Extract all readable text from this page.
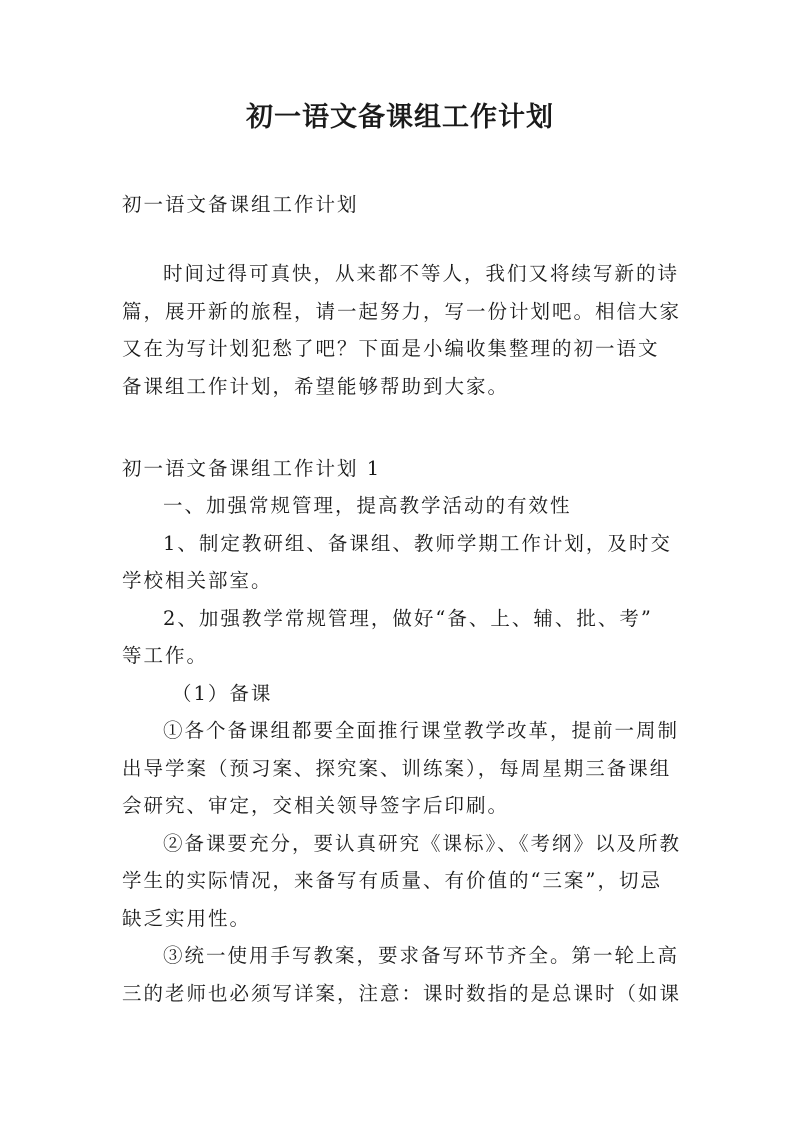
初一语文备课组工作计划
初一语文备课组工作计划
时间过得可真快，从来都不等人，我们又将续写新的诗
篇，展开新的旅程，请一起努力，写一份计划吧。相信大家
又在为写计划犯愁了吧？下面是小编收集整理的初一语文
备课组工作计划，希望能够帮助到大家。
初一语文备课组工作计划 1
一、加强常规管理，提高教学活动的有效性
1、制定教研组、备课组、教师学期工作计划，及时交
学校相关部室。
2、加强教学常规管理，做好“备、上、辅、批、考”
等工作。
（1）备课
①各个备课组都要全面推行课堂教学改革，提前一周制
出导学案（预习案、探究案、训练案），每周星期三备课组
会研究、审定，交相关领导签字后印刷。
②备课要充分，要认真研究《课标》、《考纲》以及所教
学生的实际情况，来备写有质量、有价值的“三案”，切忌
缺乏实用性。
③统一使用手写教案，要求备写环节齐全。第一轮上高
三的老师也必须写详案，注意：课时数指的是总课时（如课
